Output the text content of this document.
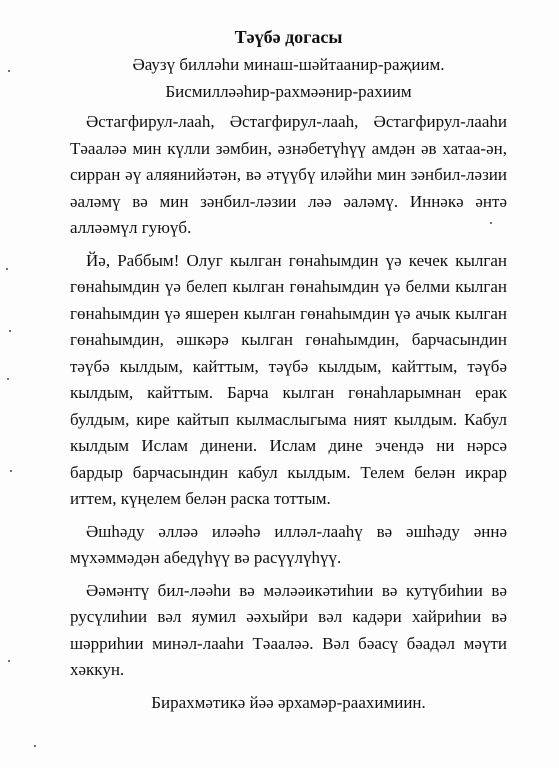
Тәүбә догасы

Әаузү билләһи минаш-шәйтаанир-раҗиим.

Бисмилләәһир-рахмәәнир-рахиим

Әстагфирул-лааһ, Әстагфирул-лааһ, Әстагфирул-лааһи Тәааләә мин күлли зәмбин, әзнәбетүһүү амдән әв хатаа-ән, сирран әү аляянийәтән, вә әтүүбү иләйһи мин зәнбил-ләзии әаләмү вә мин зәнбил-ләзии ләә әаләмү. Иннәкә әнтә алләәмүл гуюүб.

Йә, Раббым! Олуг кылган гөнаһымдин үә кечек кылган гөнаһымдин үә белеп кылган гөнаһымдин үә белми кылган гөнаһымдин үә яшерен кылган гөнаһымдин үә ачык кылган гөнаһымдин, әшкәрә кылган гөнаһымдин, барчасындин тәүбә кылдым, кайттым, тәүбә кылдым, кайттым, тәүбә кылдым, кайттым. Барча кылган гөнаһларымнан ерак булдым, кире кайтып кылмаслыгыма ният кылдым. Кабул кылдым Ислам динени. Ислам дине эчендә ни нәрсә бардыр барчасындин кабул кылдым. Телем белән икрар иттем, күңелем белән раска тоттым.

Әшһәду әлләә иләәһә илләл-лааһү вә әшһәду әннә мүхәммәдән абедүһүү вә расүүлүһүү.

Әәмәнтү бил-ләәһи вә мәләәикәтиһии вә кутүбиһии вә русүлиһии вәл яумил әәхыйри вәл кадәри хайриһии вә шәрриһии минәл-лааһи Тәааләә. Вәл бәасү бәадәл мәүти хәккун.

Бирахмәтикә йәә әрхамәр-раахимиин.
